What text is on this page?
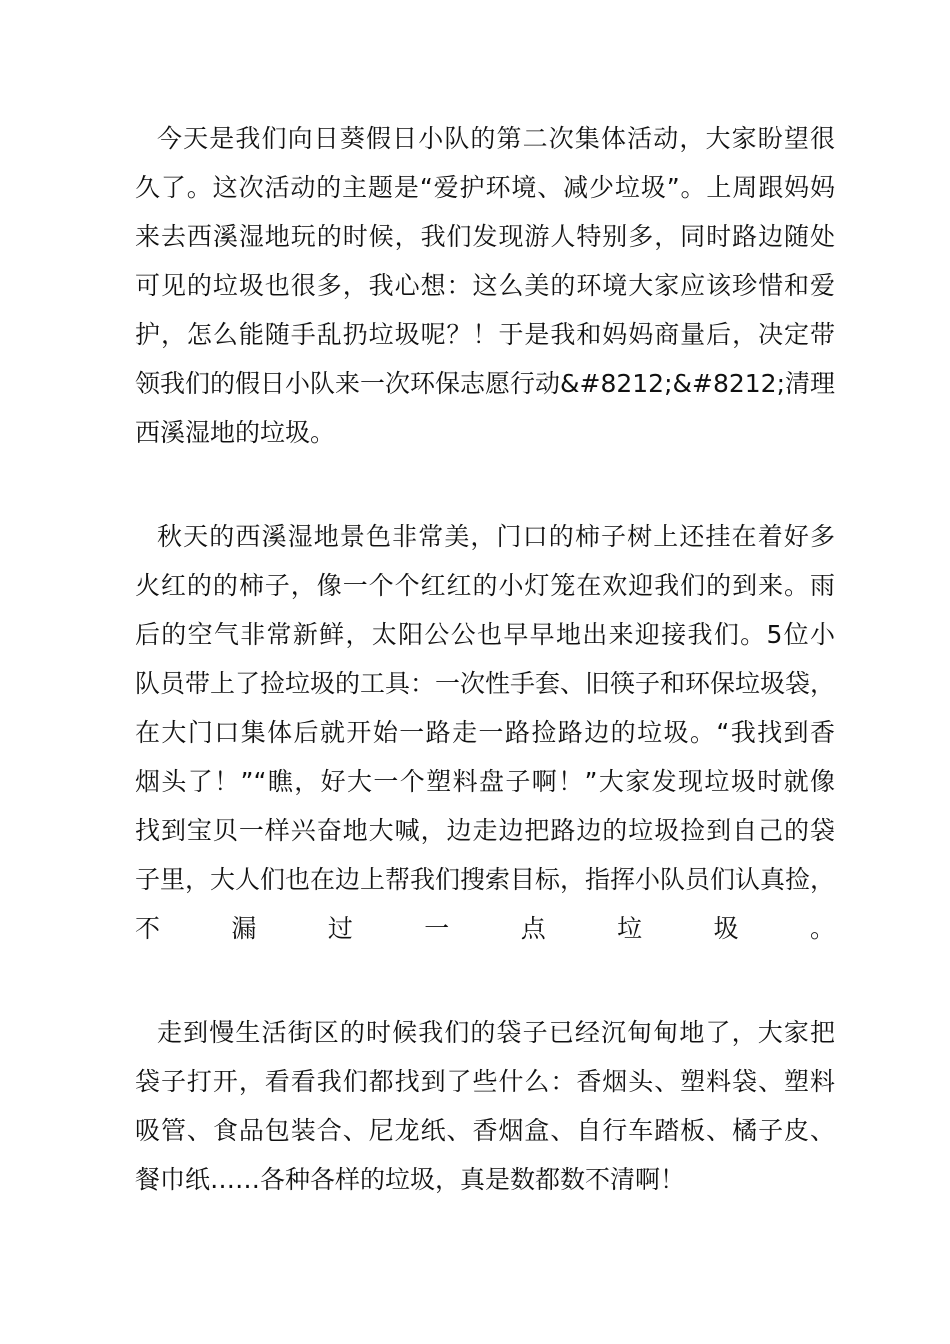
今天是我们向日葵假日小队的第二次集体活动，大家盼望很
久了。这次活动的主题是“爱护环境、减少垃圾”。上周跟妈妈
来去西溪湿地玩的时候，我们发现游人特别多，同时路边随处
可见的垃圾也很多，我心想：这么美的环境大家应该珍惜和爱
护，怎么能随手乱扔垃圾呢？！于是我和妈妈商量后，决定带
领我们的假日小队来一次环保志愿行动&#8212;&#8212;清理
西溪湿地的垃圾。
秋天的西溪湿地景色非常美，门口的柿子树上还挂在着好多
火红的的柿子，像一个个红红的小灯笼在欢迎我们的到来。雨
后的空气非常新鲜，太阳公公也早早地出来迎接我们。5位小
队员带上了捡垃圾的工具：一次性手套、旧筷子和环保垃圾袋，
在大门口集体后就开始一路走一路捡路边的垃圾。“我找到香
烟头了！”“瞧，好大一个塑料盘子啊！”大家发现垃圾时就像
找到宝贝一样兴奋地大喊，边走边把路边的垃圾捡到自己的袋
子里，大人们也在边上帮我们搜索目标，指挥小队员们认真捡，
不漏过一点垃圾。
走到慢生活街区的时候我们的袋子已经沉甸甸地了，大家把
袋子打开，看看我们都找到了些什么：香烟头、塑料袋、塑料
吸管、食品包装合、尼龙纸、香烟盒、自行车踏板、橘子皮、
餐巾纸……各种各样的垃圾，真是数都数不清啊！
